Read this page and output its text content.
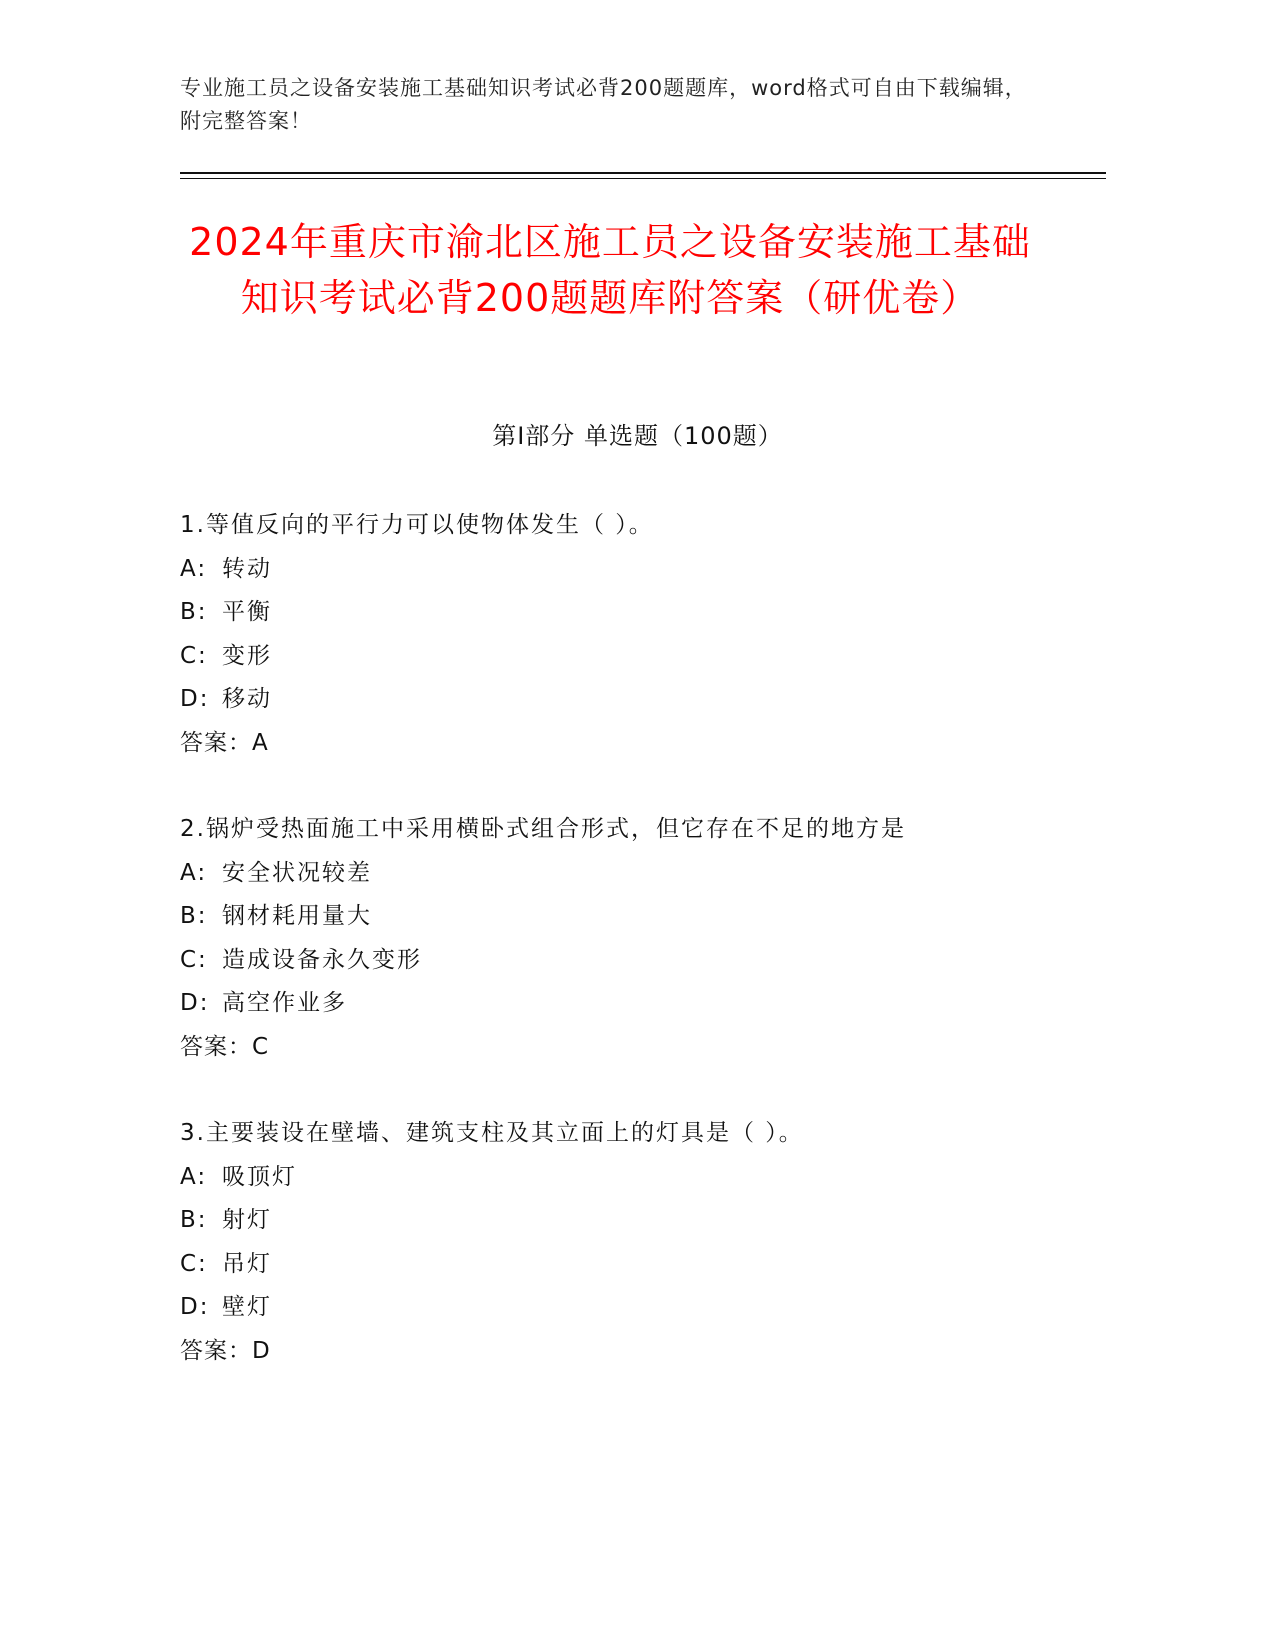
专业施工员之设备安装施工基础知识考试必背200题题库，word格式可自由下载编辑，附完整答案！
2024年重庆市渝北区施工员之设备安装施工基础知识考试必背200题题库附答案（研优卷）
第I部分 单选题（100题）
1.等值反向的平行力可以使物体发生（ ）。
A: 转动
B: 平衡
C: 变形
D: 移动
答案：A
2.锅炉受热面施工中采用横卧式组合形式，但它存在不足的地方是
A: 安全状况较差
B: 钢材耗用量大
C: 造成设备永久变形
D: 高空作业多
答案：C
3.主要装设在壁墙、建筑支柱及其立面上的灯具是（ ）。
A: 吸顶灯
B: 射灯
C: 吊灯
D: 壁灯
答案：D
